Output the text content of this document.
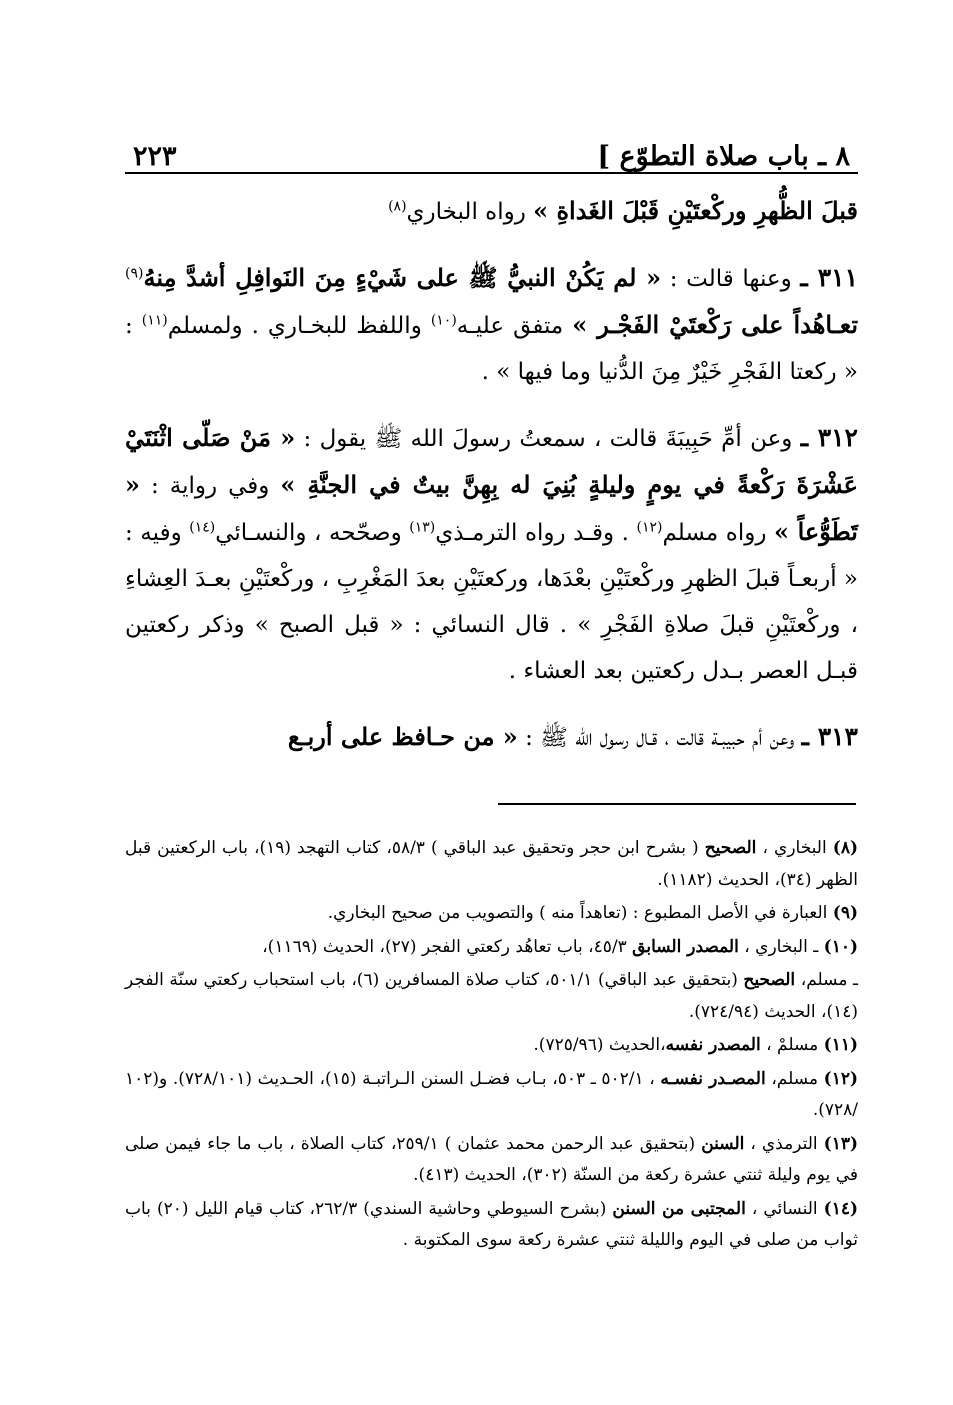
٨ ـ باب صلاة التطوّع ]
٢٢٣

قبلَ الظُّهرِ وركْعتَيْنِ قَبْلَ الغَداةِ » رواه البخاري$^{(٨)}$

٣١١ ـ وعنها قالت : « لم يَكُنْ النبيُّ ﷺ على شَيْءٍ مِنَ النَوافِلِ أشدَّ مِنهُ$^{(٩)}$ تعـاهُداً على رَكْعتَيْ الفَجْـر » متفق عليـه$^{(١٠)}$ واللفظ للبخـاري . ولمسلم$^{(١١)}$ : « ركعتا الفَجْرِ خَيْرٌ مِنَ الدُّنيا وما فيها » .

٣١٢ ـ وعن أمِّ حَبِيبَةَ قالت ، سمعتُ رسولَ الله ﷺ يقول : « مَنْ صَلّى اثْنَتَيْ عَشْرَةَ رَكْعةً في يومٍ وليلةٍ بُنِيَ له بِهِنَّ بيتٌ في الجنَّةِ » وفي رواية : « تَطَوُّعاً » رواه مسلم$^{(١٢)}$ . وقـد رواه الترمـذي$^{(١٣)}$ وصحّحه ، والنسـائي$^{(١٤)}$ وفيه : « أربعـاً قبلَ الظهرِ وركْعتَيْنِ بعْدَها، وركعتَيْنِ بعدَ المَغْرِبِ ، وركْعتَيْنِ بعـدَ العِشاءِ ، وركْعتَيْنِ قبلَ صلاةِ الفَجْرِ » . قال النسائي : « قبل الصبح » وذكر ركعتين قبـل العصر بـدل ركعتين بعد العشاء .

٣١٣ ـ وعن أم حبيبـة قالت ، قـال رسول الله ﷺ : « من حـافظ على أربـع

(٨) البخاري ، الصحيح ( بشرح ابن حجر وتحقيق عبد الباقي ) ٥٨/٣، كتاب التهجد (١٩)، باب الركعتين قبل الظهر (٣٤)، الحديث (١١٨٢).
(٩) العبارة في الأصل المطبوع : (تعاهداً منه ) والتصويب من صحيح البخاري.
(١٠) ـ البخاري ، المصدر السابق ٤٥/٣، باب تعاهُد ركعتي الفجر (٢٧)، الحديث (١١٦٩)،
ـ مسلم، الصحيح (بتحقيق عبد الباقي) ٥٠١/١، كتاب صلاة المسافرين (٦)، باب استحباب ركعتي سنّة الفجر (١٤)، الحديث (٧٢٤/٩٤).
(١١) مسلمْ ، المصدر نفسه،الحديث (٧٢٥/٩٦).
(١٢) مسلم، المصـدر نفسـه ، ٥٠٢/١ ـ ٥٠٣، بـاب فضـل السنن الـراتبـة (١٥)، الحـديث (٧٢٨/١٠١). و(١٠٢ /٧٢٨).
(١٣) الترمذي ، السنن (بتحقيق عبد الرحمن محمد عثمان ) ٢٥٩/١، كتاب الصلاة ، باب ما جاء فيمن صلى في يوم وليلة ثنتي عشرة ركعة من السنّة (٣٠٢)، الحديث (٤١٣).
(١٤) النسائي ، المجتبى من السنن (بشرح السيوطي وحاشية السندي) ٢٦٢/٣، كتاب قيام الليل (٢٠) باب ثواب من صلى في اليوم والليلة ثنتي عشرة ركعة سوى المكتوبة .
